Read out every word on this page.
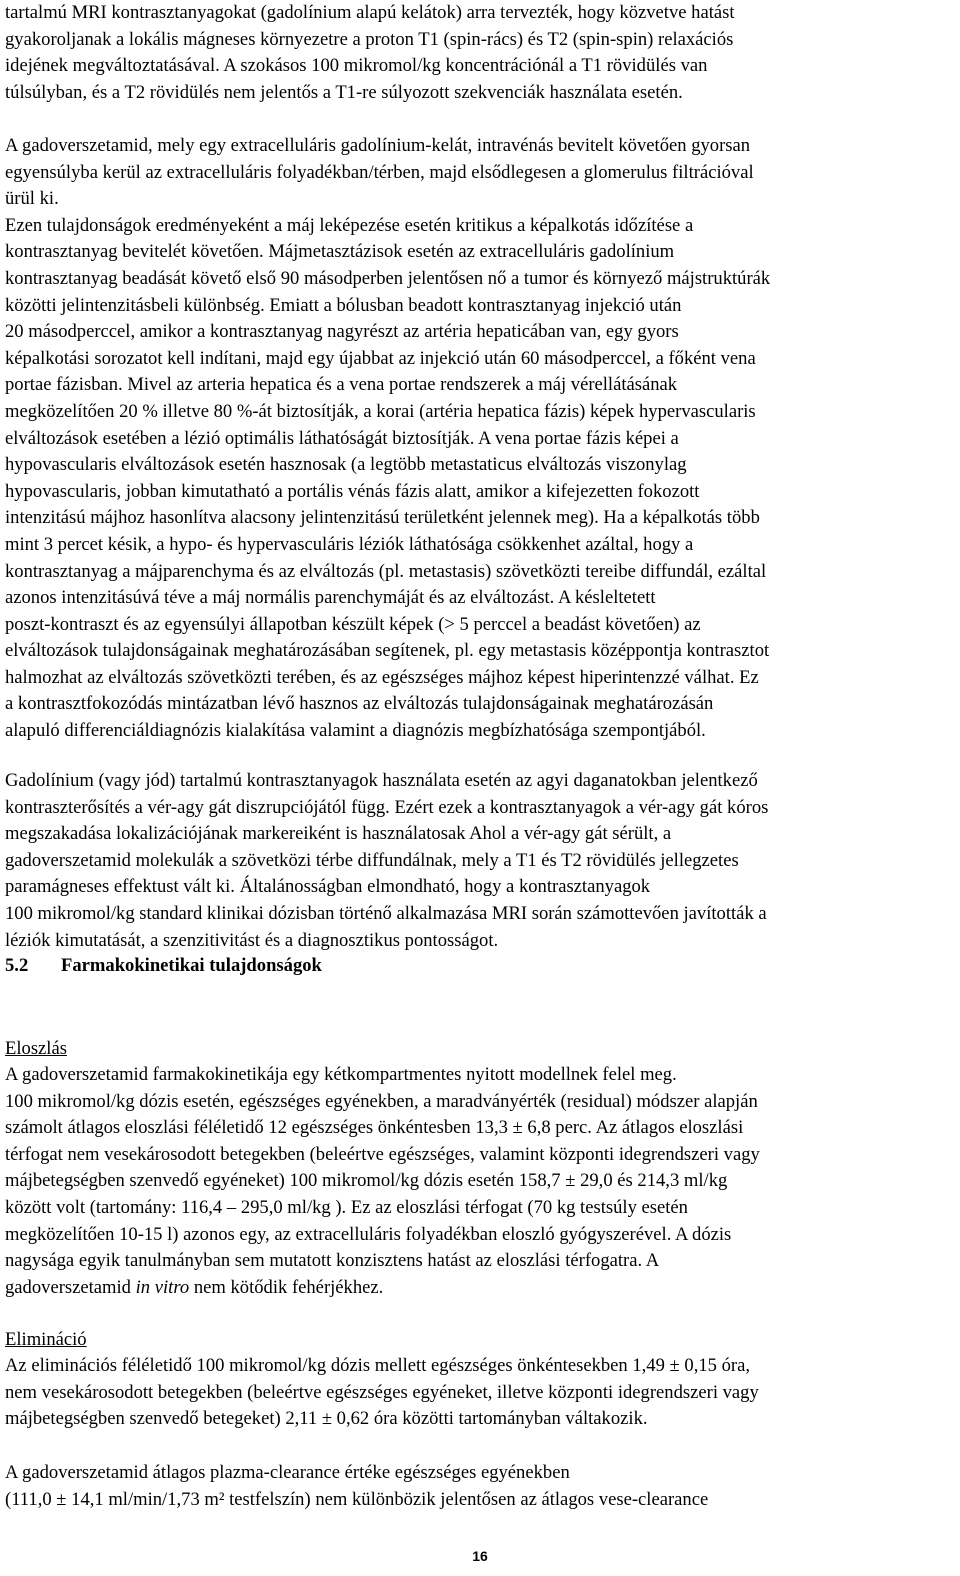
tartalmú MRI kontrasztanyagokat (gadolínium alapú kelátok) arra tervezték, hogy közvetve hatást
gyakoroljanak a lokális mágneses környezetre a proton T1 (spin-rács) és T2 (spin-spin) relaxációs
idejének megváltoztatásával. A szokásos 100 mikromol/kg koncentrációnál a T1 rövidülés van
túlsúlyban, és a T2 rövidülés nem jelentős a T1-re súlyozott szekvenciák használata esetén.

A gadoverszetamid, mely egy extracelluláris gadolínium-kelát, intravénás bevitelt követően gyorsan
egyensúlyba kerül az extracelluláris folyadékban/térben, majd elsődlegesen a glomerulus filtrációval
ürül ki.
Ezen tulajdonságok eredményeként a máj leképezése esetén kritikus a képalkotás időzítése a
kontrasztanyag bevitelét követően. Májmetasztázisok esetén az extracelluláris gadolínium
kontrasztanyag beadását követő első 90 másodperben jelentősen nő a tumor és környező májstruktúrák
közötti jelintenzitásbeli különbség. Emiatt a bólusban beadott kontrasztanyag injekció után
20 másodperccel, amikor a kontrasztanyag nagyrészt az artéria hepaticában van, egy gyors
képalkotási sorozatot kell indítani, majd egy újabbat az injekció után 60 másodperccel, a főként vena
portae fázisban. Mivel az arteria hepatica és a vena portae rendszerek a máj vérellátásának
megközelítően 20 % illetve 80 %-át biztosítják, a korai (artéria hepatica fázis) képek hypervascularis
elváltozások esetében a lézió optimális láthatóságát biztosítják. A vena portae fázis képei a
hypovascularis elváltozások esetén hasznosak (a legtöbb metastaticus elváltozás viszonylag
hypovascularis, jobban kimutatható a portális vénás fázis alatt, amikor a kifejezetten fokozott
intenzitású májhoz hasonlítva alacsony jelintenzitású területként jelennek meg). Ha a képalkotás több
mint 3 percet késik, a hypo- és hypervasculáris léziók láthatósága csökkenhet azáltal, hogy a
kontrasztanyag a májparenchyma és az elváltozás (pl. metastasis) szövetközti tereibe diffundál, ezáltal
azonos intenzitásúvá téve a máj normális parenchymáját és az elváltozást. A késleltetett
poszt-kontraszt és az egyensúlyi állapotban készült képek (> 5 perccel a beadást követően) az
elváltozások tulajdonságainak meghatározásában segítenek, pl. egy metastasis középpontja kontrasztot
halmozhat az elváltozás szövetközti terében, és az egészséges májhoz képest hiperintenzzé válhat. Ez
a kontrasztfokozódás mintázatban lévő hasznos az elváltozás tulajdonságainak meghatározásán
alapuló differenciáldiagnózis kialakítása valamint a diagnózis megbízhatósága szempontjából.

Gadolínium (vagy jód) tartalmú kontrasztanyagok használata esetén az agyi daganatokban jelentkező
kontraszterősítés a vér-agy gát diszrupciójától függ. Ezért ezek a kontrasztanyagok a vér-agy gát kóros
megszakadása lokalizációjának markereiként is használatosak Ahol a vér-agy gát sérült, a
gadoverszetamid molekulák a szövetközi térbe diffundálnak, mely a T1 és T2 rövidülés jellegzetes
paramágneses effektust vált ki. Általánosságban elmondható, hogy a kontrasztanyagok
100 mikromol/kg standard klinikai dózisban történő alkalmazása MRI során számottevően javították a
léziók kimutatását, a szenzitivitást és a diagnosztikus pontosságot.

5.2 Farmakokinetikai tulajdonságok
Eloszlás

A gadoverszetamid farmakokinetikája egy kétkompartmentes nyitott modellnek felel meg.
100 mikromol/kg dózis esetén, egészséges egyénekben, a maradványérték (residual) módszer alapján
számolt átlagos eloszlási féléletidő 12 egészséges önkéntesben 13,3 ± 6,8 perc. Az átlagos eloszlási
térfogat nem vesekárosodott betegekben (beleértve egészséges, valamint központi idegrendszeri vagy
májbetegségben szenvedő egyéneket) 100 mikromol/kg dózis esetén 158,7 ± 29,0 és 214,3 ml/kg
között volt (tartomány: 116,4 – 295,0 ml/kg ). Ez az eloszlási térfogat (70 kg testsúly esetén
megközelítően 10-15 l) azonos egy, az extracelluláris folyadékban eloszló gyógyszerével. A dózis
nagysága egyik tanulmányban sem mutatott konzisztens hatást az eloszlási térfogatra. A
gadoverszetamid in vitro nem kötődik fehérjékhez.

Elimináció

Az eliminációs féléletidő 100 mikromol/kg dózis mellett egészséges önkéntesekben 1,49 ± 0,15 óra,
nem vesekárosodott betegekben (beleértve egészséges egyéneket, illetve központi idegrendszeri vagy
májbetegségben szenvedő betegeket) 2,11 ± 0,62 óra közötti tartományban váltakozik.

A gadoverszetamid átlagos plazma-clearance értéke egészséges egyénekben
(111,0 ± 14,1 ml/min/1,73 m² testfelszín) nem különbözik jelentősen az átlagos vese-clearance

16
